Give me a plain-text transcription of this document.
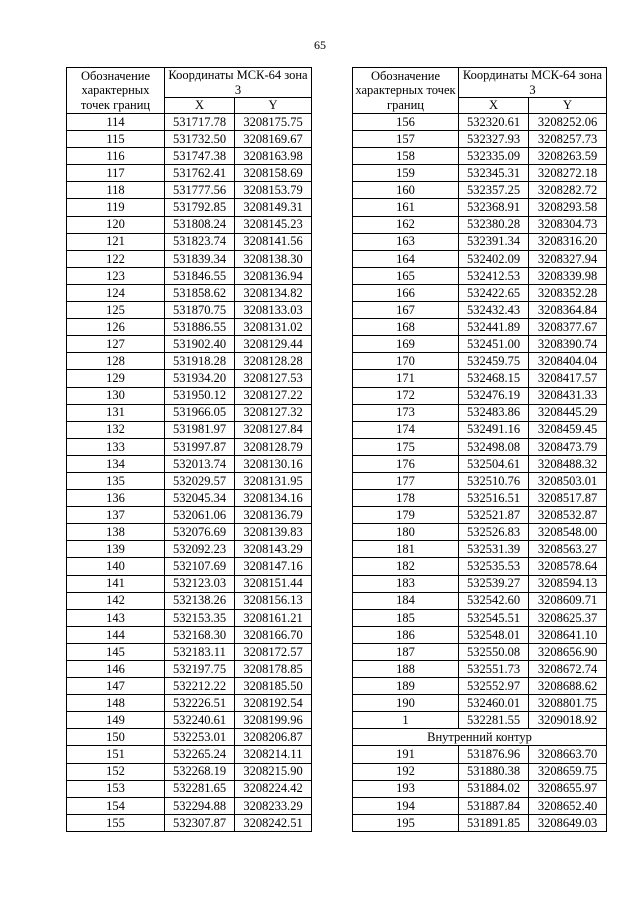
65
Обозначение характерных точек границ	Координаты МСК-64 зона 3	
	X	Y
114	531717.78	3208175.75
115	531732.50	3208169.67
116	531747.38	3208163.98
117	531762.41	3208158.69
118	531777.56	3208153.79
119	531792.85	3208149.31
120	531808.24	3208145.23
121	531823.74	3208141.56
122	531839.34	3208138.30
123	531846.55	3208136.94
124	531858.62	3208134.82
125	531870.75	3208133.03
126	531886.55	3208131.02
127	531902.40	3208129.44
128	531918.28	3208128.28
129	531934.20	3208127.53
130	531950.12	3208127.22
131	531966.05	3208127.32
132	531981.97	3208127.84
133	531997.87	3208128.79
134	532013.74	3208130.16
135	532029.57	3208131.95
136	532045.34	3208134.16
137	532061.06	3208136.79
138	532076.69	3208139.83
139	532092.23	3208143.29
140	532107.69	3208147.16
141	532123.03	3208151.44
142	532138.26	3208156.13
143	532153.35	3208161.21
144	532168.30	3208166.70
145	532183.11	3208172.57
146	532197.75	3208178.85
147	532212.22	3208185.50
148	532226.51	3208192.54
149	532240.61	3208199.96
150	532253.01	3208206.87
151	532265.24	3208214.11
152	532268.19	3208215.90
153	532281.65	3208224.42
154	532294.88	3208233.29
155	532307.87	3208242.51
Обозначение характерных точек границ	Координаты МСК-64 зона 3	
	X	Y
156	532320.61	3208252.06
157	532327.93	3208257.73
158	532335.09	3208263.59
159	532345.31	3208272.18
160	532357.25	3208282.72
161	532368.91	3208293.58
162	532380.28	3208304.73
163	532391.34	3208316.20
164	532402.09	3208327.94
165	532412.53	3208339.98
166	532422.65	3208352.28
167	532432.43	3208364.84
168	532441.89	3208377.67
169	532451.00	3208390.74
170	532459.75	3208404.04
171	532468.15	3208417.57
172	532476.19	3208431.33
173	532483.86	3208445.29
174	532491.16	3208459.45
175	532498.08	3208473.79
176	532504.61	3208488.32
177	532510.76	3208503.01
178	532516.51	3208517.87
179	532521.87	3208532.87
180	532526.83	3208548.00
181	532531.39	3208563.27
182	532535.53	3208578.64
183	532539.27	3208594.13
184	532542.60	3208609.71
185	532545.51	3208625.37
186	532548.01	3208641.10
187	532550.08	3208656.90
188	532551.73	3208672.74
189	532552.97	3208688.62
190	532460.01	3208801.75
1	532281.55	3209018.92
Внутренний контур		
191	531876.96	3208663.70
192	531880.38	3208659.75
193	531884.02	3208655.97
194	531887.84	3208652.40
195	531891.85	3208649.03
